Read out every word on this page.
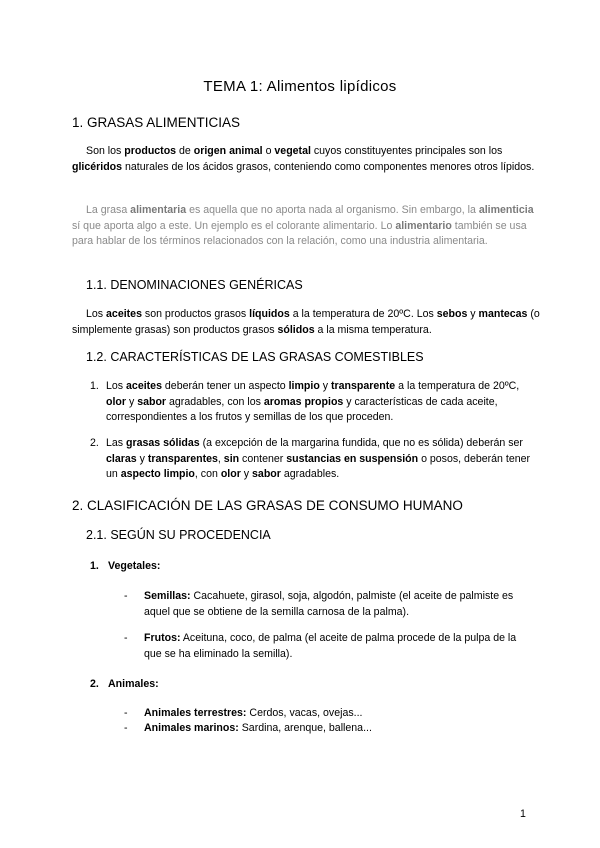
TEMA 1: Alimentos lipídicos
1. GRASAS ALIMENTICIAS
Son los productos de origen animal o vegetal cuyos constituyentes principales son los glicéridos naturales de los ácidos grasos, conteniendo como componentes menores otros lípidos.
La grasa alimentaria es aquella que no aporta nada al organismo. Sin embargo, la alimenticia sí que aporta algo a este. Un ejemplo es el colorante alimentario. Lo alimentario también se usa para hablar de los términos relacionados con la relación, como una industria alimentaria.
1.1. DENOMINACIONES GENÉRICAS
Los aceites son productos grasos líquidos a la temperatura de 20ºC. Los sebos y mantecas (o simplemente grasas) son productos grasos sólidos a la misma temperatura.
1.2. CARACTERÍSTICAS DE LAS GRASAS COMESTIBLES
1. Los aceites deberán tener un aspecto limpio y transparente a la temperatura de 20ºC, olor y sabor agradables, con los aromas propios y características de cada aceite, correspondientes a los frutos y semillas de los que proceden.
2. Las grasas sólidas (a excepción de la margarina fundida, que no es sólida) deberán ser claras y transparentes, sin contener sustancias en suspensión o posos, deberán tener un aspecto limpio, con olor y sabor agradables.
2. CLASIFICACIÓN DE LAS GRASAS DE CONSUMO HUMANO
2.1. SEGÚN SU PROCEDENCIA
1. Vegetales:
- Semillas: Cacahuete, girasol, soja, algodón, palmiste (el aceite de palmiste es aquel que se obtiene de la semilla carnosa de la palma).
- Frutos: Aceituna, coco, de palma (el aceite de palma procede de la pulpa de la que se ha eliminado la semilla).
2. Animales:
- Animales terrestres: Cerdos, vacas, ovejas...
- Animales marinos: Sardina, arenque, ballena...
1
